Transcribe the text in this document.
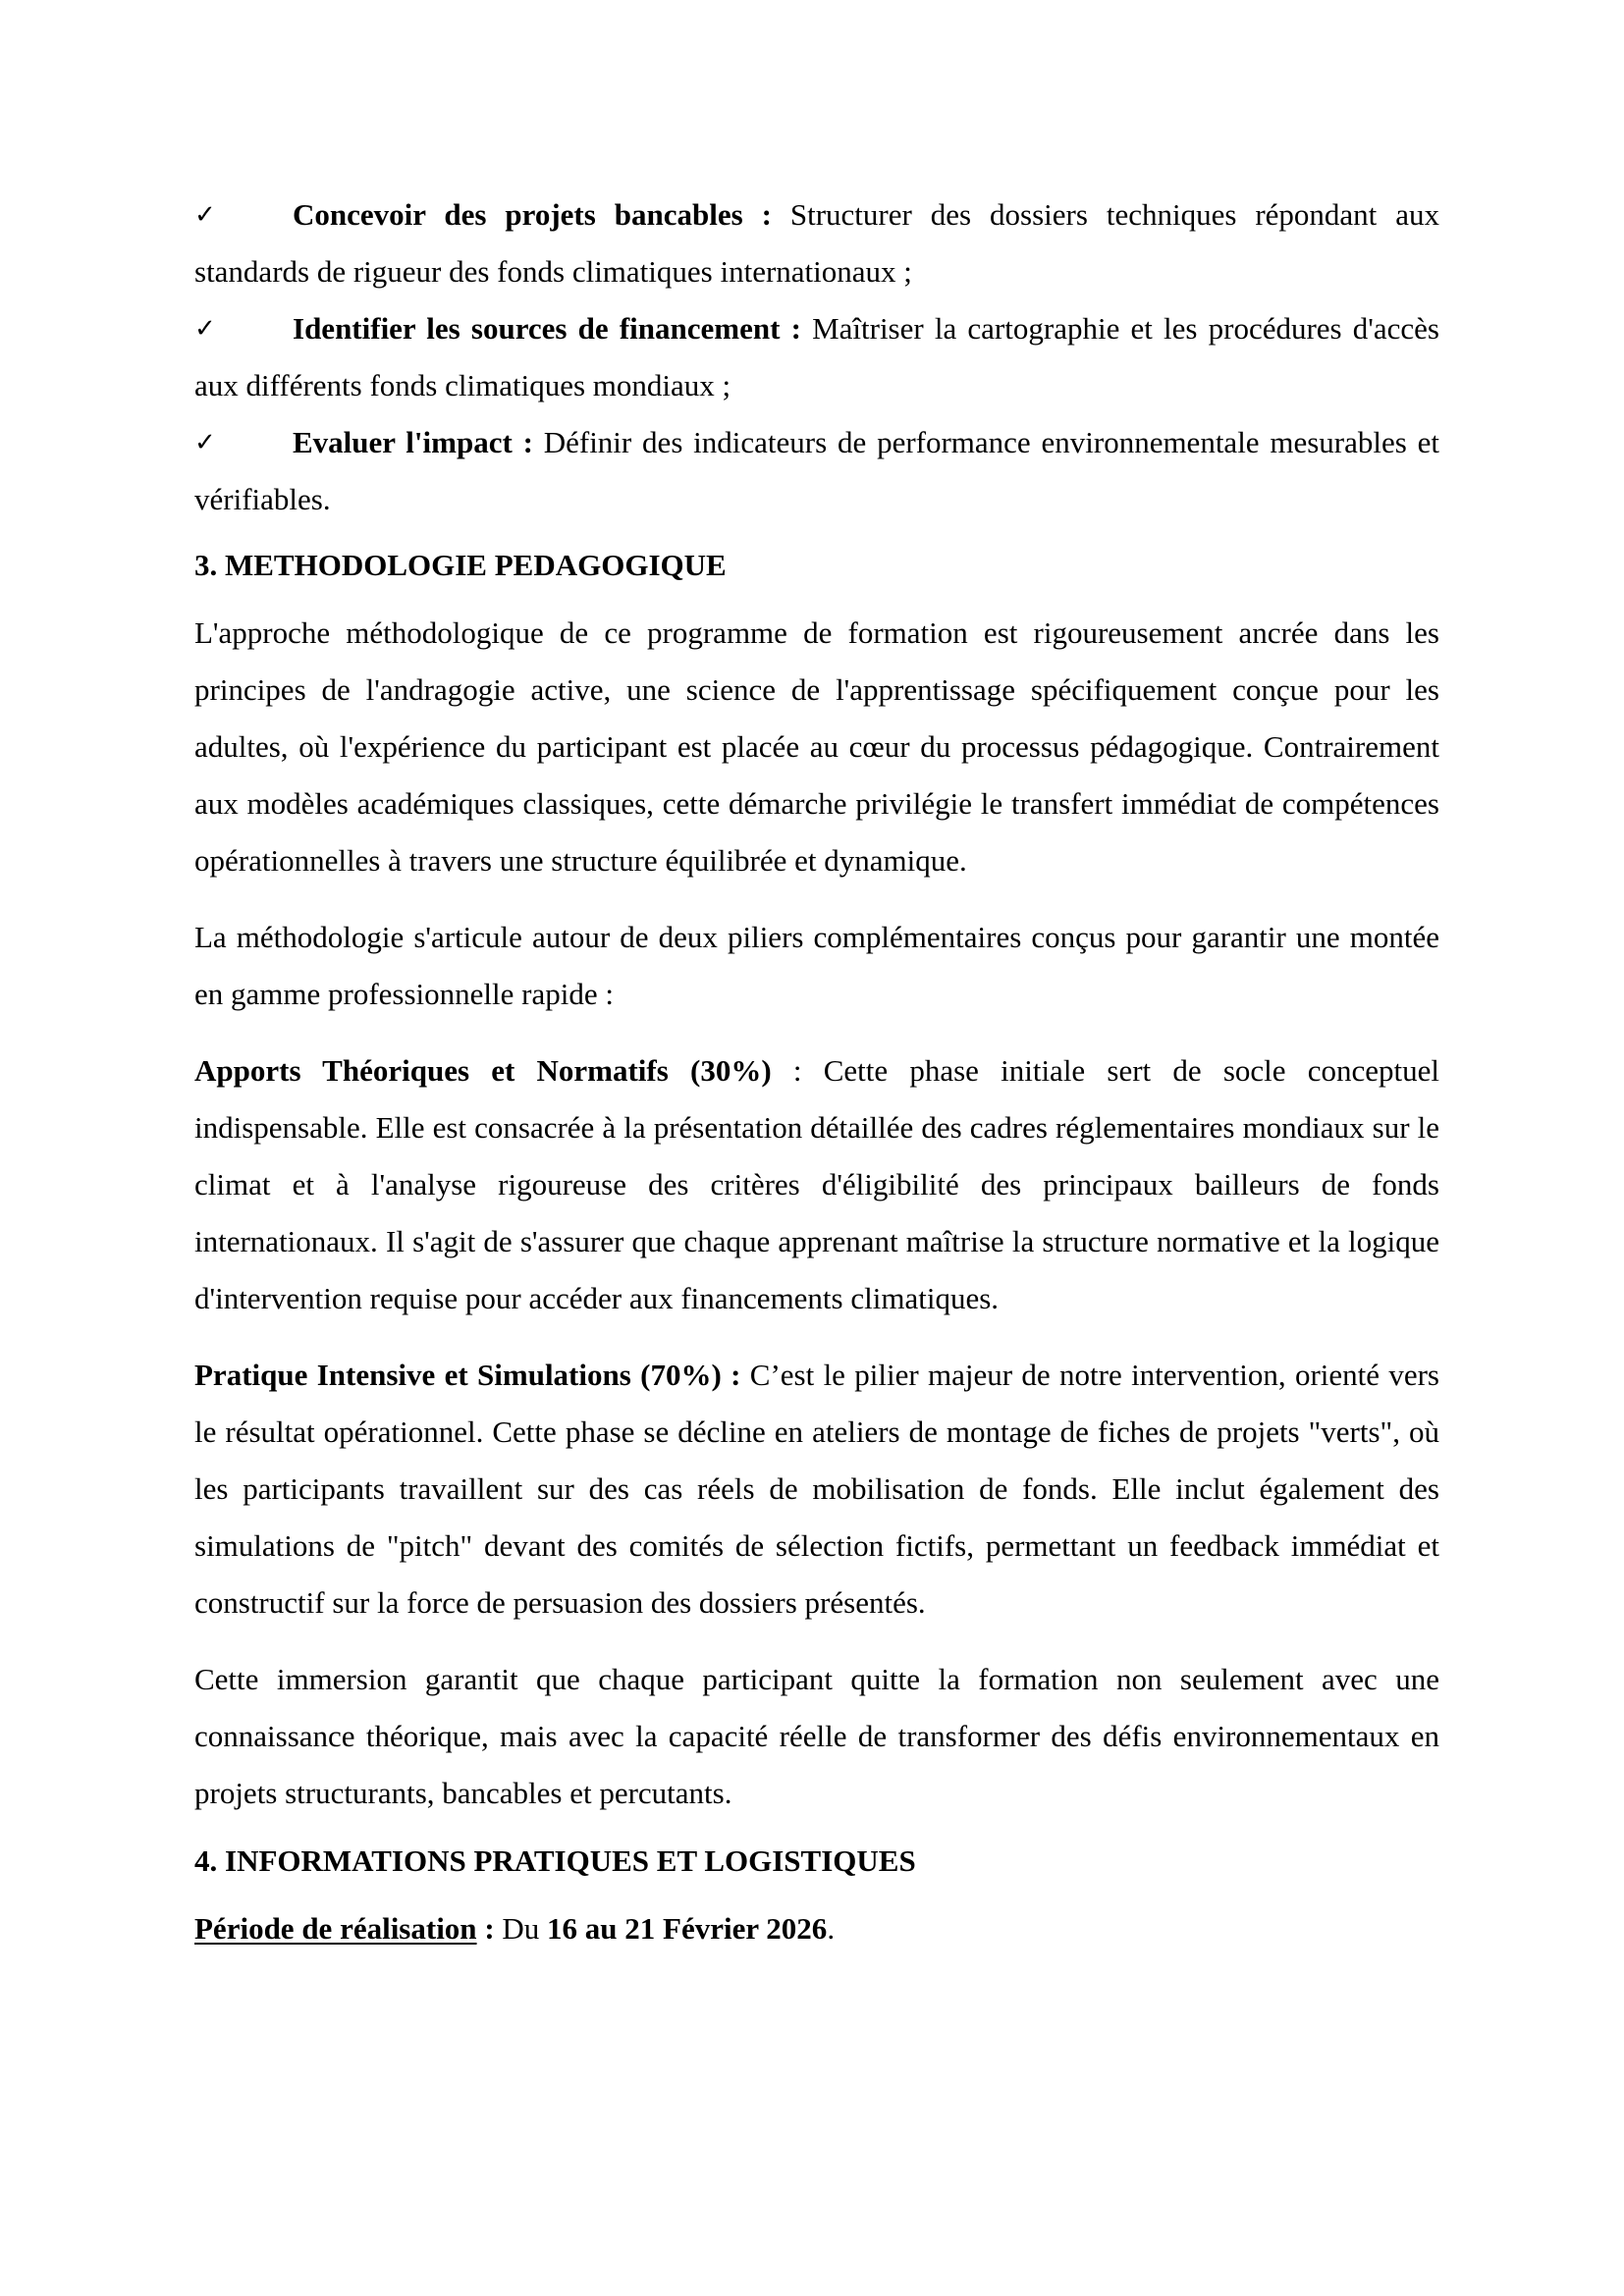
✓	Concevoir des projets bancables : Structurer des dossiers techniques répondant aux standards de rigueur des fonds climatiques internationaux ;

✓	Identifier les sources de financement : Maîtriser la cartographie et les procédures d'accès aux différents fonds climatiques mondiaux ;

✓	Evaluer l'impact : Définir des indicateurs de performance environnementale mesurables et vérifiables.

3. METHODOLOGIE PEDAGOGIQUE

L'approche méthodologique de ce programme de formation est rigoureusement ancrée dans les principes de l'andragogie active, une science de l'apprentissage spécifiquement conçue pour les adultes, où l'expérience du participant est placée au cœur du processus pédagogique. Contrairement aux modèles académiques classiques, cette démarche privilégie le transfert immédiat de compétences opérationnelles à travers une structure équilibrée et dynamique.

La méthodologie s'articule autour de deux piliers complémentaires conçus pour garantir une montée en gamme professionnelle rapide :

Apports Théoriques et Normatifs (30%) : Cette phase initiale sert de socle conceptuel indispensable. Elle est consacrée à la présentation détaillée des cadres réglementaires mondiaux sur le climat et à l'analyse rigoureuse des critères d'éligibilité des principaux bailleurs de fonds internationaux. Il s'agit de s'assurer que chaque apprenant maîtrise la structure normative et la logique d'intervention requise pour accéder aux financements climatiques.

Pratique Intensive et Simulations (70%) : C’est le pilier majeur de notre intervention, orienté vers le résultat opérationnel. Cette phase se décline en ateliers de montage de fiches de projets "verts", où les participants travaillent sur des cas réels de mobilisation de fonds. Elle inclut également des simulations de "pitch" devant des comités de sélection fictifs, permettant un feedback immédiat et constructif sur la force de persuasion des dossiers présentés.

Cette immersion garantit que chaque participant quitte la formation non seulement avec une connaissance théorique, mais avec la capacité réelle de transformer des défis environnementaux en projets structurants, bancables et percutants.

4. INFORMATIONS PRATIQUES ET LOGISTIQUES

Période de réalisation : Du 16 au 21 Février 2026.
